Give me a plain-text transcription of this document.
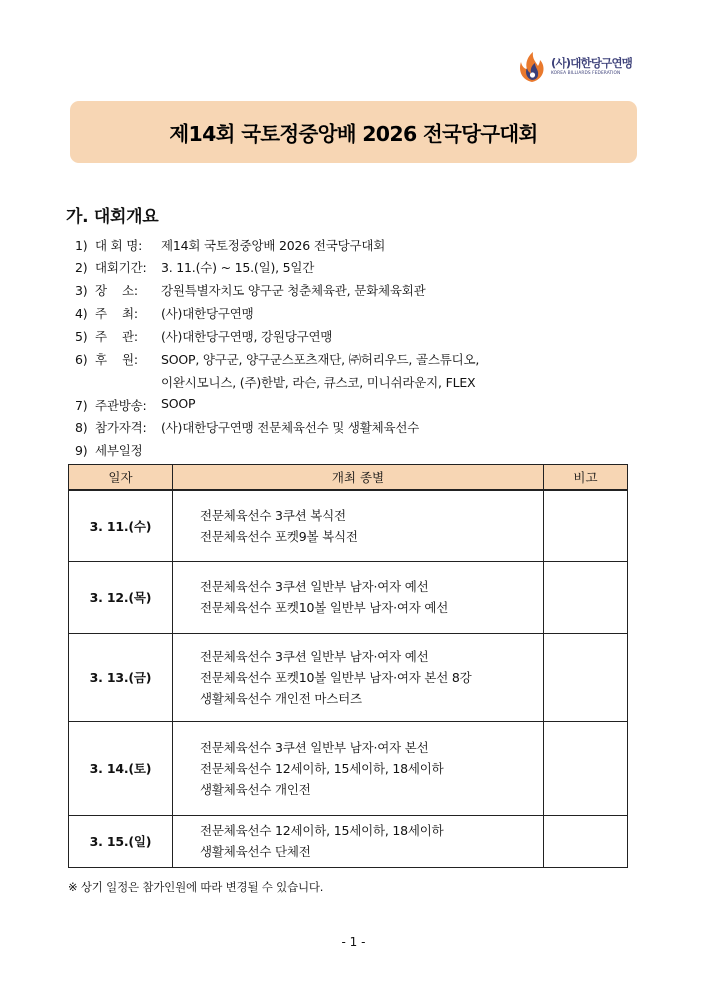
(사)대한당구연맹
KOREA BILLIARDS FEDERATION
제14회 국토정중앙배 2026 전국당구대회
가. 대회개요
1) 대 회 명:	제14회 국토정중앙배 2026 전국당구대회
2) 대회기간:	3. 11.(수) ~ 15.(일), 5일간
3) 장    소:	강원특별자치도 양구군 청춘체육관, 문화체육회관
4) 주    최:	(사)대한당구연맹
5) 주    관:	(사)대한당구연맹, 강원당구연맹
6) 후    원:	SOOP, 양구군, 양구군스포츠재단, ㈜허리우드, 골스튜디오,
이완시모니스, (주)한밭, 라슨, 큐스코, 미니쉬라운지, FLEX
7) 주관방송:	SOOP
8) 참가자격:	(사)대한당구연맹 전문체육선수 및 생활체육선수
9) 세부일정
일자	개최 종별	비고
3. 11.(수)	전문체육선수 3쿠션 복식전
전문체육선수 포켓9볼 복식전	

3. 12.(목)	전문체육선수 3쿠션 일반부 남자·여자 예선
전문체육선수 포켓10볼 일반부 남자·여자 예선	

3. 13.(금)	전문체육선수 3쿠션 일반부 남자·여자 예선
전문체육선수 포켓10볼 일반부 남자·여자 본선 8강
생활체육선수 개인전 마스터즈	

3. 14.(토)	전문체육선수 3쿠션 일반부 남자·여자 본선
전문체육선수 12세이하, 15세이하, 18세이하
생활체육선수 개인전	

3. 15.(일)	전문체육선수 12세이하, 15세이하, 18세이하
생활체육선수 단체전	

※ 상기 일정은 참가인원에 따라 변경될 수 있습니다.
- 1 -
